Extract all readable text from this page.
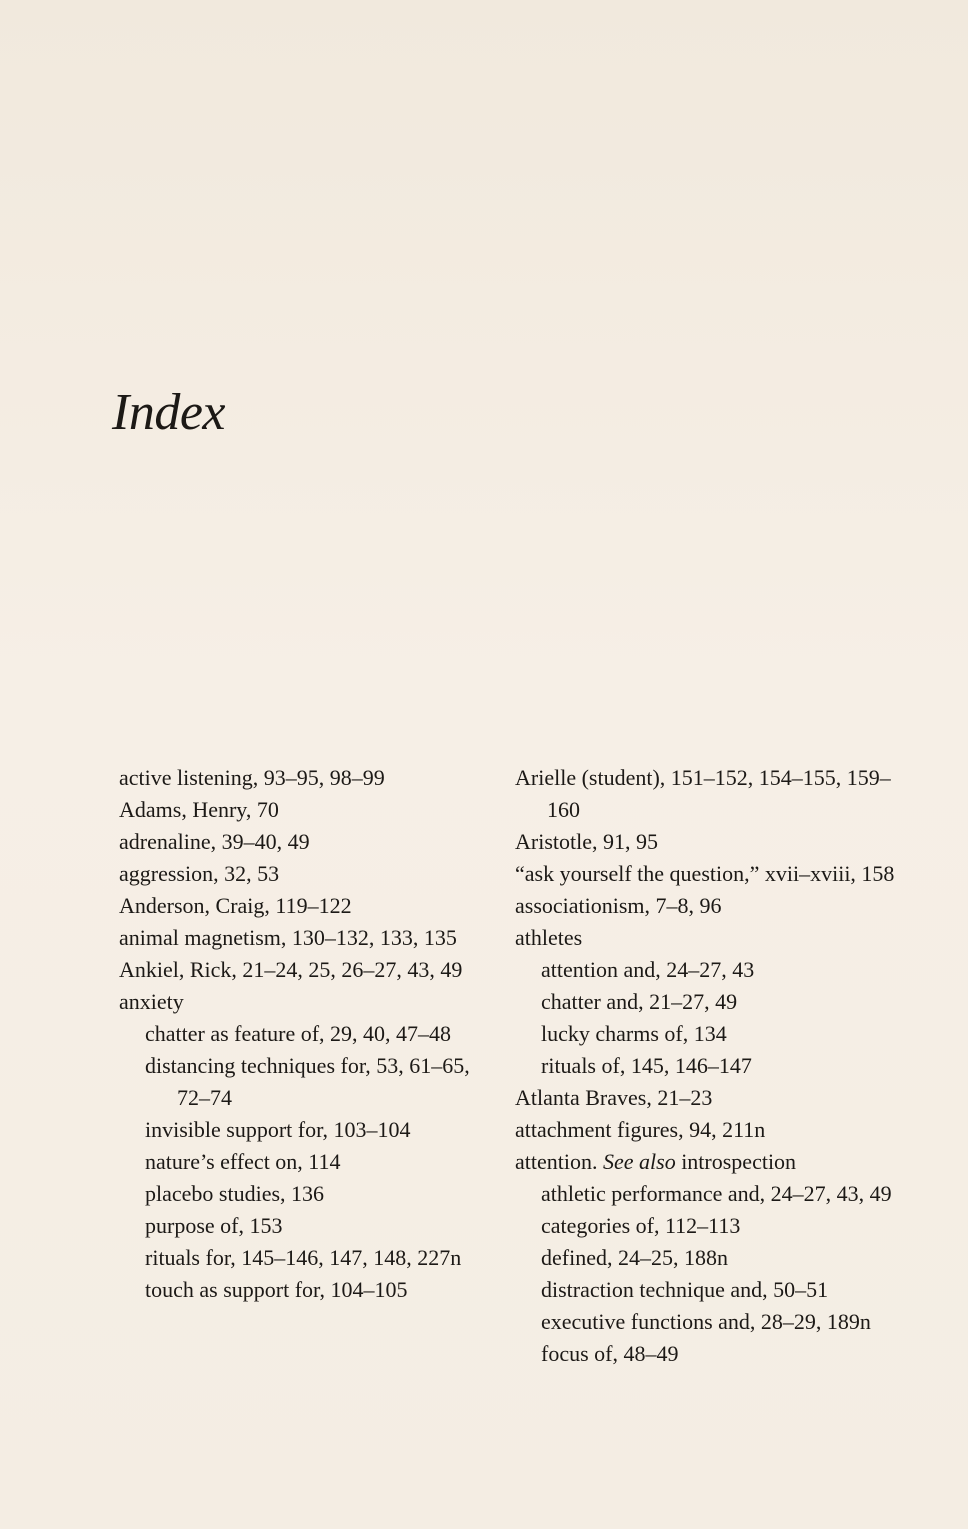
Index
active listening, 93–95, 98–99
Adams, Henry, 70
adrenaline, 39–40, 49
aggression, 32, 53
Anderson, Craig, 119–122
animal magnetism, 130–132, 133, 135
Ankiel, Rick, 21–24, 25, 26–27, 43, 49
anxiety
chatter as feature of, 29, 40, 47–48
distancing techniques for, 53, 61–65, 72–74
invisible support for, 103–104
nature’s effect on, 114
placebo studies, 136
purpose of, 153
rituals for, 145–146, 147, 148, 227n
touch as support for, 104–105
Arielle (student), 151–152, 154–155, 159–160
Aristotle, 91, 95
“ask yourself the question,” xvii–xviii, 158
associationism, 7–8, 96
athletes
attention and, 24–27, 43
chatter and, 21–27, 49
lucky charms of, 134
rituals of, 145, 146–147
Atlanta Braves, 21–23
attachment figures, 94, 211n
attention. See also introspection
athletic performance and, 24–27, 43, 49
categories of, 112–113
defined, 24–25, 188n
distraction technique and, 50–51
executive functions and, 28–29, 189n
focus of, 48–49
